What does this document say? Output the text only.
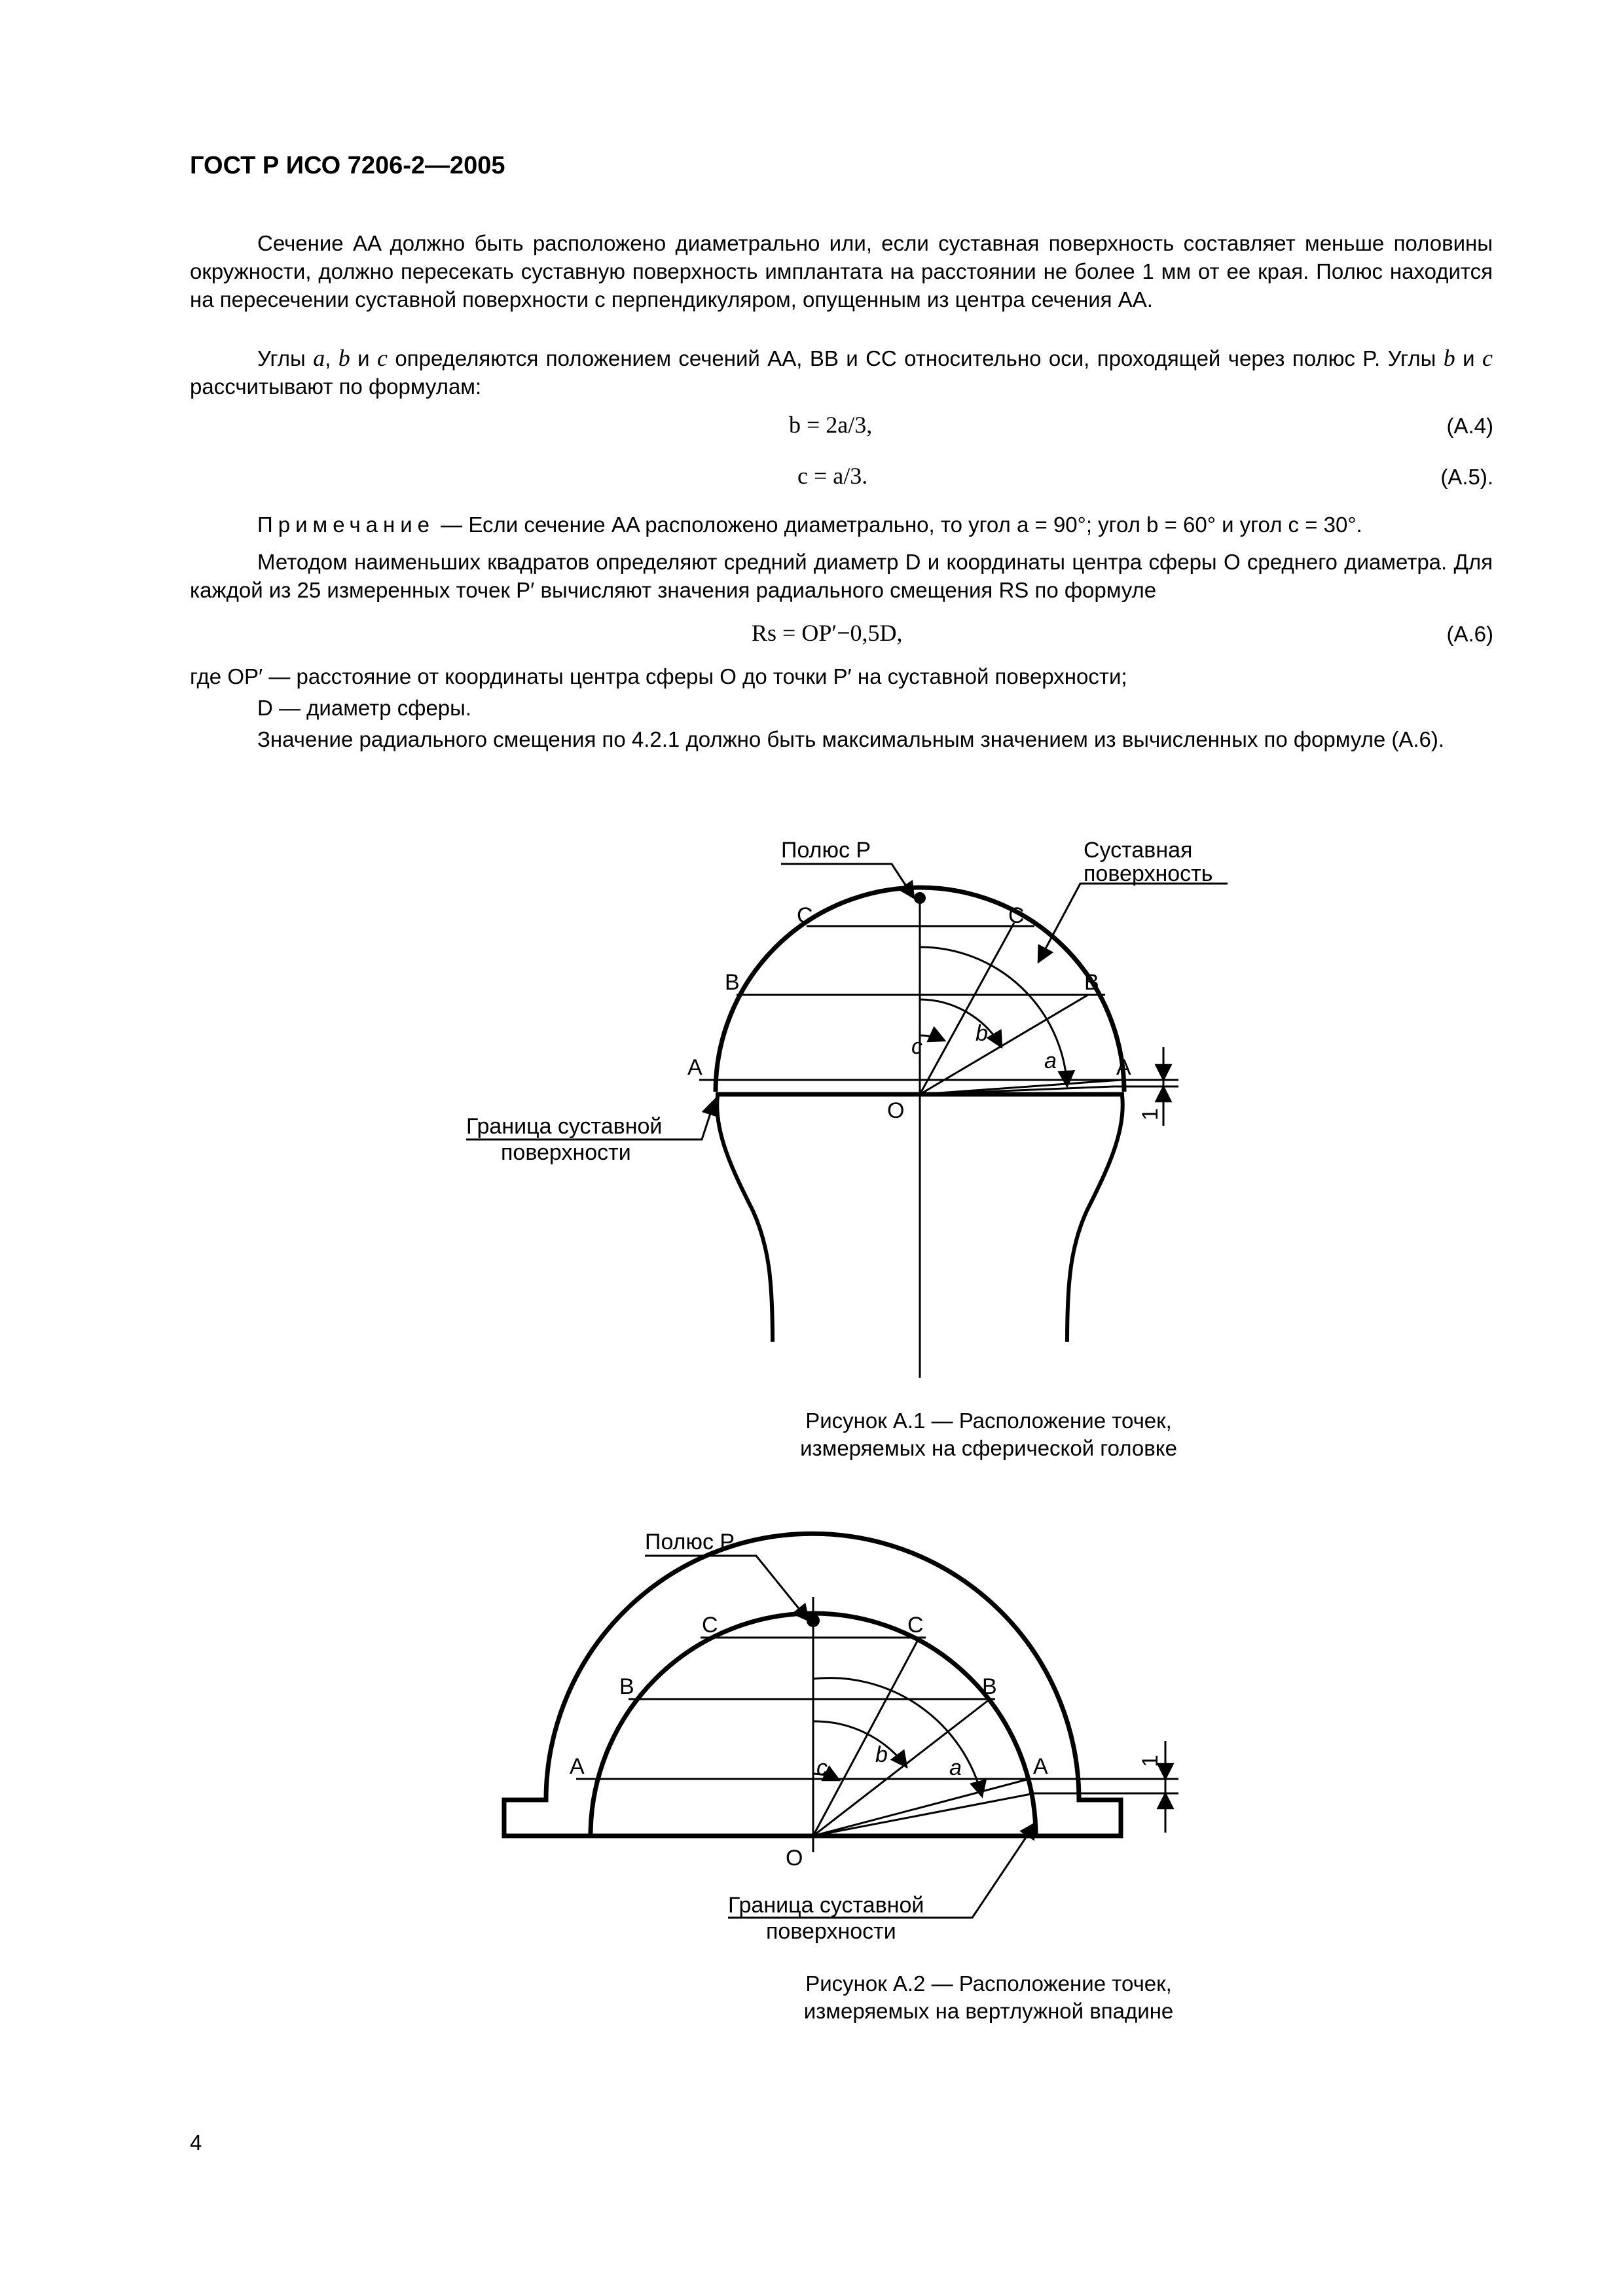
ГОСТ Р ИСО 7206-2—2005

Сечение AA должно быть расположено диаметрально или, если суставная поверхность составляет меньше половины окружности, должно пересекать суставную поверхность имплантата на расстоянии не более 1 мм от ее края. Полюс находится на пересечении суставной поверхности с перпендикуляром, опущенным из центра сечения AA.

Углы a, b и c определяются положением сечений AA, BB и CC относительно оси, проходящей через полюс P. Углы b и c рассчитывают по формулам:

b = 2a/3,	(A.4)
c = a/3.	(A.5).

Примечание — Если сечение AA расположено диаметрально, то угол a = 90°; угол b = 60° и угол c = 30°.

Методом наименьших квадратов определяют средний диаметр D и координаты центра сферы O среднего диаметра. Для каждой из 25 измеренных точек P′ вычисляют значения радиального смещения RS по формуле

Rs = OP′−0,5D,	(A.6)

где OP′ — расстояние от координаты центра сферы O до точки P′ на суставной поверхности;

D — диаметр сферы.

Значение радиального смещения по 4.2.1 должно быть максимальным значением из вычисленных по формуле (A.6).

Полюс P	Суставная
поверхность
Граница суставной
поверхности
C	C
B	B
A	A
O
c
b
a
1
Рисунок A.1 — Расположение точек,
измеряемых на сферической головке
Полюс P
Граница суставной
поверхности
C	C
B	B
A	A
O
c
b
a	1
Рисунок A.2 — Расположение точек,
измеряемых на вертлужной впадине
4
